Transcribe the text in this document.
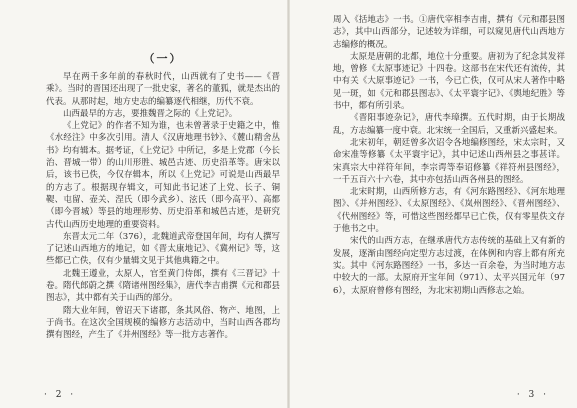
（一）

早在两千多年前的春秋时代，山西就有了史书——《晋乘》。当时的晋国还出现了一批史家，著名的董狐，就是杰出的代表。从那时起，地方史志的编纂逐代相继，历代不衰。

山西最早的方志，要推魏晋之际的《上党记》。

《上党记》的作者不知为谁，也未曾著录于史籍之中，惟《水经注》中多次引用。清人《汉唐地理书钞》、《麓山精舍丛书》均有辑本。据考证，《上党记》中所记，多是上党郡（今长治、晋城一带）的山川形胜、城邑古迹、历史沿革等。唐宋以后，该书已佚，今仅存辑本，所以《上党记》可说是山西最早的方志了。根据现存辑文，可知此书记述了上党、长子、铜鞮、屯留、壶关、涅氏（即今武乡）、泫氏（即今高平）、高都（即今晋城）等县的地理形势、历史沿革和城邑古迹，是研究古代山西历史地理的重要资料。

东晋太元二年（376），北魏道武帝登国年间，均有人撰写了记述山西地方的地记，如《晋太康地记》、《冀州记》等，这些都已亡佚，仅有少量辑文见于其他典籍之中。

北魏王遵业，太原人，官至黄门侍郎，撰有《三晋记》十卷。隋代郎蔚之撰《隋诸州图经集》，唐代李吉甫撰《元和郡县图志》，其中都有关于山西的部分。

隋大业年间，曾诏天下诸郡，条其风俗、物产、地图，上于尚书。在这次全国规模的编修方志活动中，当时山西各郡均撰有图经，产生了《并州图经》等一批方志著作。

· 2 ·

周入《括地志》一书。①唐代宰相李吉甫，撰有《元和郡县图志》，其中山西部分，记述较为详细，可以窥见唐代山西地方志编修的概况。

太原是唐朝的北都，地位十分重要。唐初为了纪念其发祥地，曾修《太原事迹记》十四卷。这部书在宋代还有流传，其中有关《大原事迹记》一书，今已亡佚，仅可从宋人著作中略见一斑，如《元和郡县图志》、《太平寰宇记》、《舆地纪胜》等书中，都有所引录。

《晋阳事迹杂记》，唐代李璋撰。五代时期，由于长期战乱，方志编纂一度中衰。北宋统一全国后，又重新兴盛起来。

北宋初年，朝廷曾多次诏令各地编修图经，宋太宗时，又命宋准等修纂《太平寰宇记》，其中记述山西州县之事甚详。宋真宗大中祥符年间，李宗谔等奉诏修纂《祥符州县图经》，一千五百六十六卷，其中亦包括山西各州县的图经。

北宋时期，山西所修方志，有《河东路图经》、《河东地理图》、《并州图经》、《太原图经》、《岚州图经》、《晋州图经》、《代州图经》等，可惜这些图经都早已亡佚，仅有零星佚文存于他书之中。

宋代的山西方志，在继承唐代方志传统的基础上又有新的发展，逐渐由图经向定型方志过渡，在体例和内容上都有所充实。其中《河东路图经》一书，多达一百余卷，为当时地方志中较大的一部。太原府开宝年间（971）、太平兴国元年（976），太原府曾修有图经，为北宋初期山西修志之始。

· 3 ·
